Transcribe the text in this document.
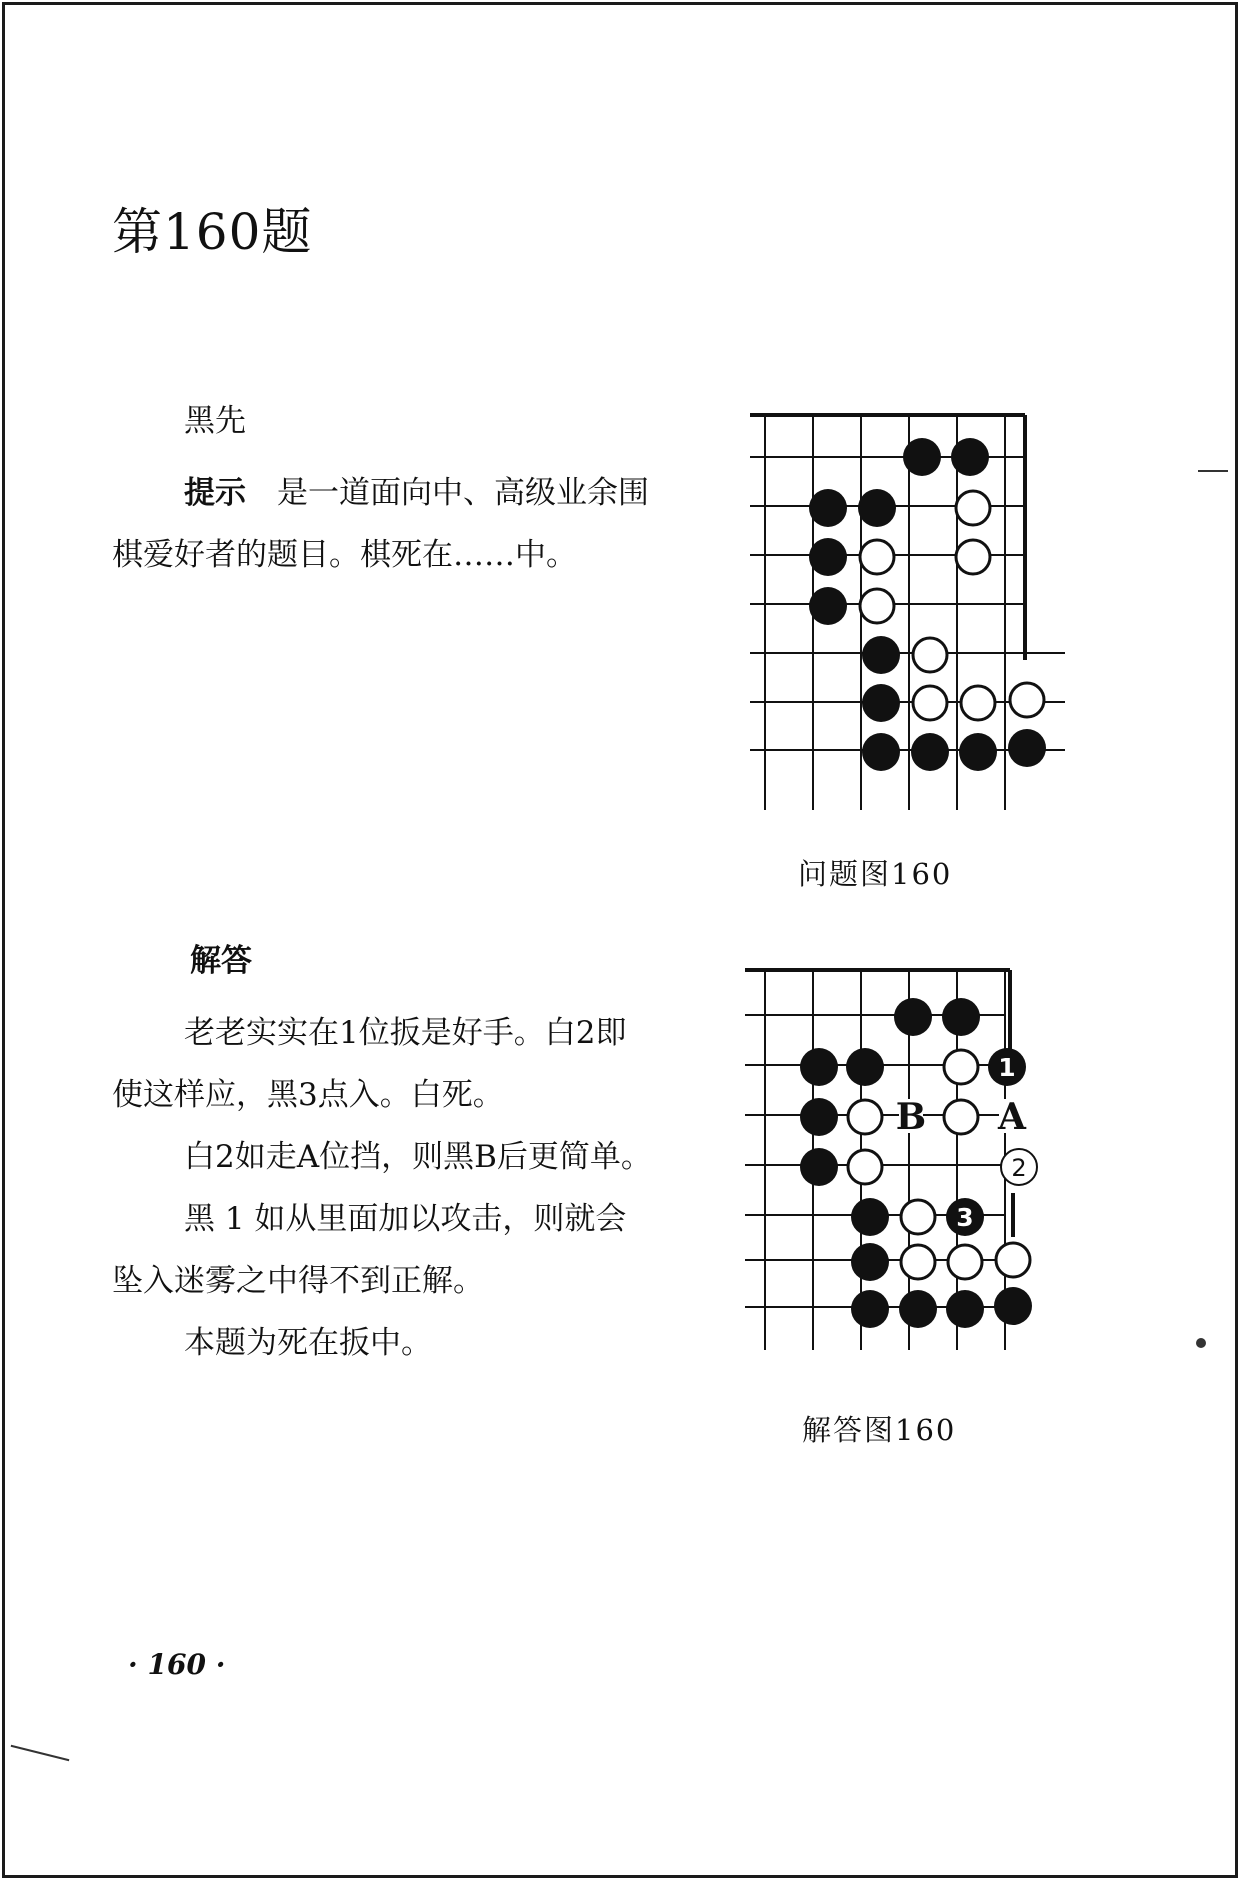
第160题

黑先

提示　 是一道面向中、高级业余围棋爱好者的题目。棋死在……中。

问题图160

解答

老老实实在1位扳是好手。白2即使这样应，黑3点入。白死。

白2如走A位挡，则黑B后更简单。

黑 1 如从里面加以攻击，则就会坠入迷雾之中得不到正解。

本题为死在扳中。

1
2
3
A
B
解答图160
· 160 ·
